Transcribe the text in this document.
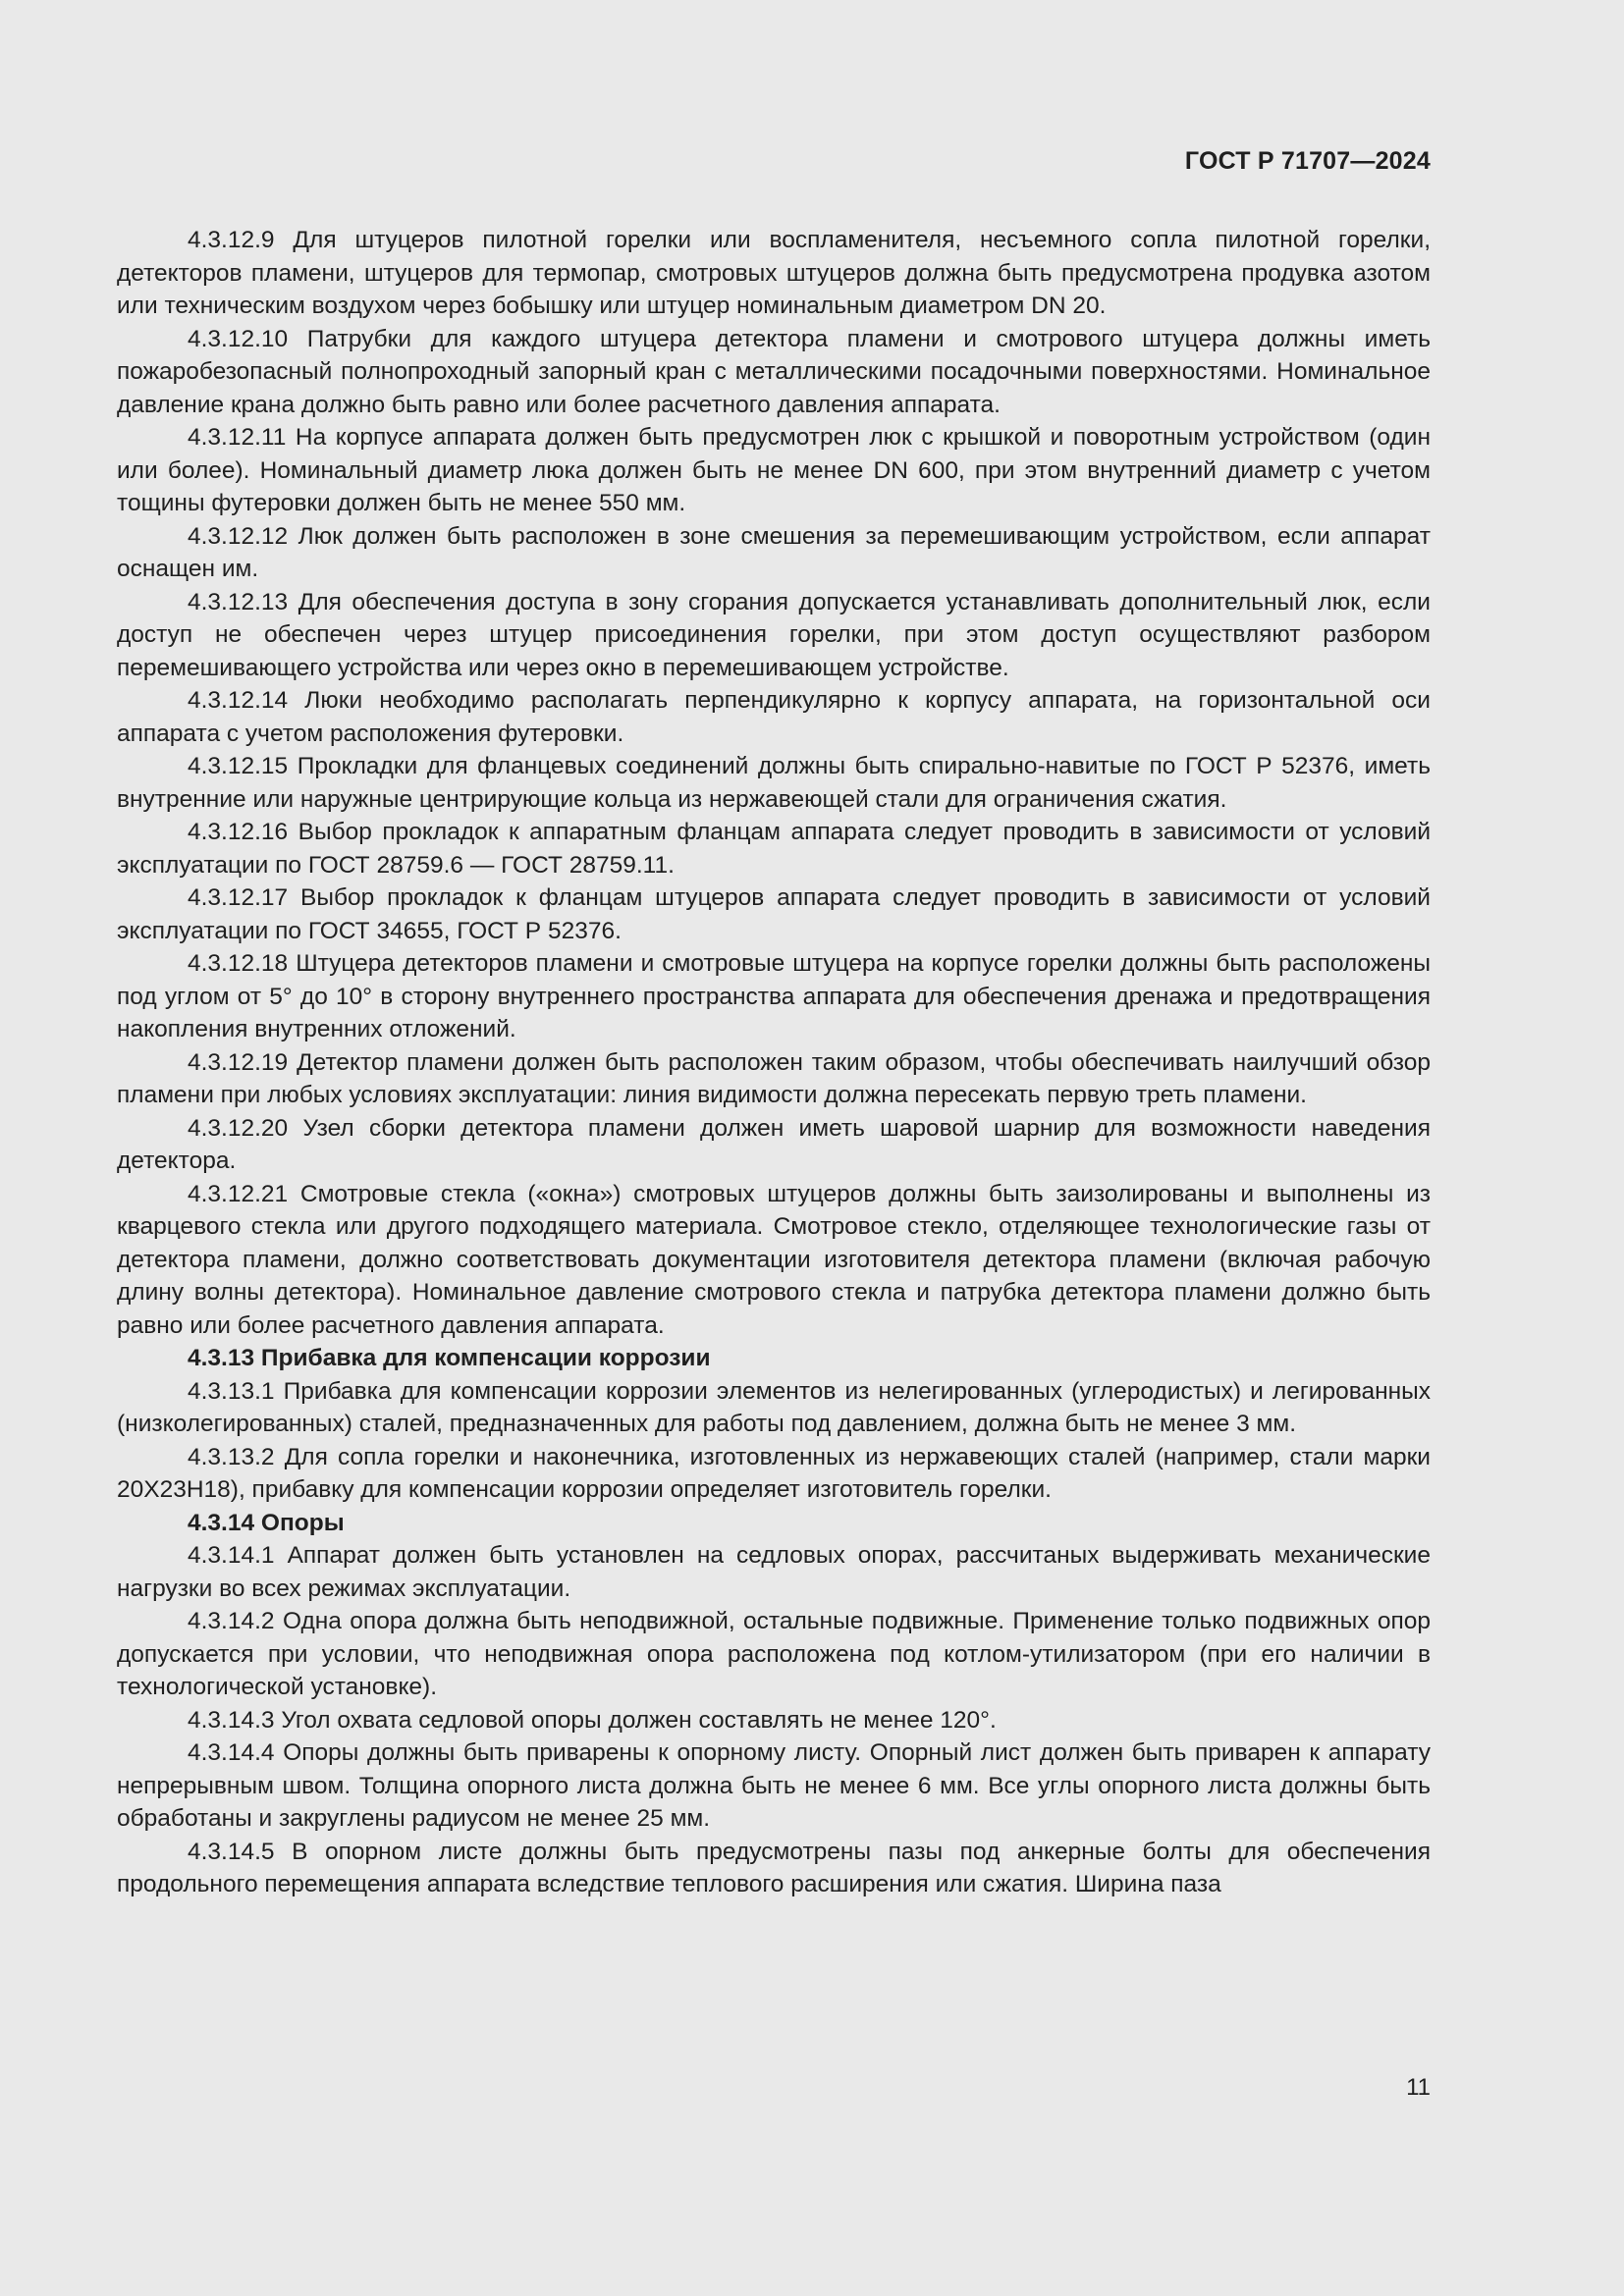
ГОСТ Р 71707—2024

4.3.12.9 Для штуцеров пилотной горелки или воспламенителя, несъемного сопла пилотной горелки, детекторов пламени, штуцеров для термопар, смотровых штуцеров должна быть предусмотрена продувка азотом или техническим воздухом через бобышку или штуцер номинальным диаметром DN 20.

4.3.12.10 Патрубки для каждого штуцера детектора пламени и смотрового штуцера должны иметь пожаробезопасный полнопроходный запорный кран с металлическими посадочными поверхностями. Номинальное давление крана должно быть равно или более расчетного давления аппарата.

4.3.12.11 На корпусе аппарата должен быть предусмотрен люк с крышкой и поворотным устройством (один или более). Номинальный диаметр люка должен быть не менее DN 600, при этом внутренний диаметр с учетом тощины футеровки должен быть не менее 550 мм.

4.3.12.12 Люк должен быть расположен в зоне смешения за перемешивающим устройством, если аппарат оснащен им.

4.3.12.13 Для обеспечения доступа в зону сгорания допускается устанавливать дополнительный люк, если доступ не обеспечен через штуцер присоединения горелки, при этом доступ осуществляют разбором перемешивающего устройства или через окно в перемешивающем устройстве.

4.3.12.14 Люки необходимо располагать перпендикулярно к корпусу аппарата, на горизонтальной оси аппарата с учетом расположения футеровки.

4.3.12.15 Прокладки для фланцевых соединений должны быть спирально-навитые по ГОСТ Р 52376, иметь внутренние или наружные центрирующие кольца из нержавеющей стали для ограничения сжатия.

4.3.12.16 Выбор прокладок к аппаратным фланцам аппарата следует проводить в зависимости от условий эксплуатации по ГОСТ 28759.6 — ГОСТ 28759.11.

4.3.12.17 Выбор прокладок к фланцам штуцеров аппарата следует проводить в зависимости от условий эксплуатации по ГОСТ 34655, ГОСТ Р 52376.

4.3.12.18 Штуцера детекторов пламени и смотровые штуцера на корпусе горелки должны быть расположены под углом от 5° до 10° в сторону внутреннего пространства аппарата для обеспечения дренажа и предотвращения накопления внутренних отложений.

4.3.12.19 Детектор пламени должен быть расположен таким образом, чтобы обеспечивать наилучший обзор пламени при любых условиях эксплуатации: линия видимости должна пересекать первую треть пламени.

4.3.12.20 Узел сборки детектора пламени должен иметь шаровой шарнир для возможности наведения детектора.

4.3.12.21 Смотровые стекла («окна») смотровых штуцеров должны быть заизолированы и выполнены из кварцевого стекла или другого подходящего материала. Смотровое стекло, отделяющее технологические газы от детектора пламени, должно соответствовать документации изготовителя детектора пламени (включая рабочую длину волны детектора). Номинальное давление смотрового стекла и патрубка детектора пламени должно быть равно или более расчетного давления аппарата.

4.3.13 Прибавка для компенсации коррозии

4.3.13.1 Прибавка для компенсации коррозии элементов из нелегированных (углеродистых) и легированных (низколегированных) сталей, предназначенных для работы под давлением, должна быть не менее 3 мм.

4.3.13.2 Для сопла горелки и наконечника, изготовленных из нержавеющих сталей (например, стали марки 20Х23Н18), прибавку для компенсации коррозии определяет изготовитель горелки.

4.3.14 Опоры

4.3.14.1 Аппарат должен быть установлен на седловых опорах, рассчитаных выдерживать механические нагрузки во всех режимах эксплуатации.

4.3.14.2 Одна опора должна быть неподвижной, остальные подвижные. Применение только подвижных опор допускается при условии, что неподвижная опора расположена под котлом-утилизатором (при его наличии в технологической установке).

4.3.14.3 Угол охвата седловой опоры должен составлять не менее 120°.

4.3.14.4 Опоры должны быть приварены к опорному листу. Опорный лист должен быть приварен к аппарату непрерывным швом. Толщина опорного листа должна быть не менее 6 мм. Все углы опорного листа должны быть обработаны и закруглены радиусом не менее 25 мм.

4.3.14.5 В опорном листе должны быть предусмотрены пазы под анкерные болты для обеспечения продольного перемещения аппарата вследствие теплового расширения или сжатия. Ширина паза

11
